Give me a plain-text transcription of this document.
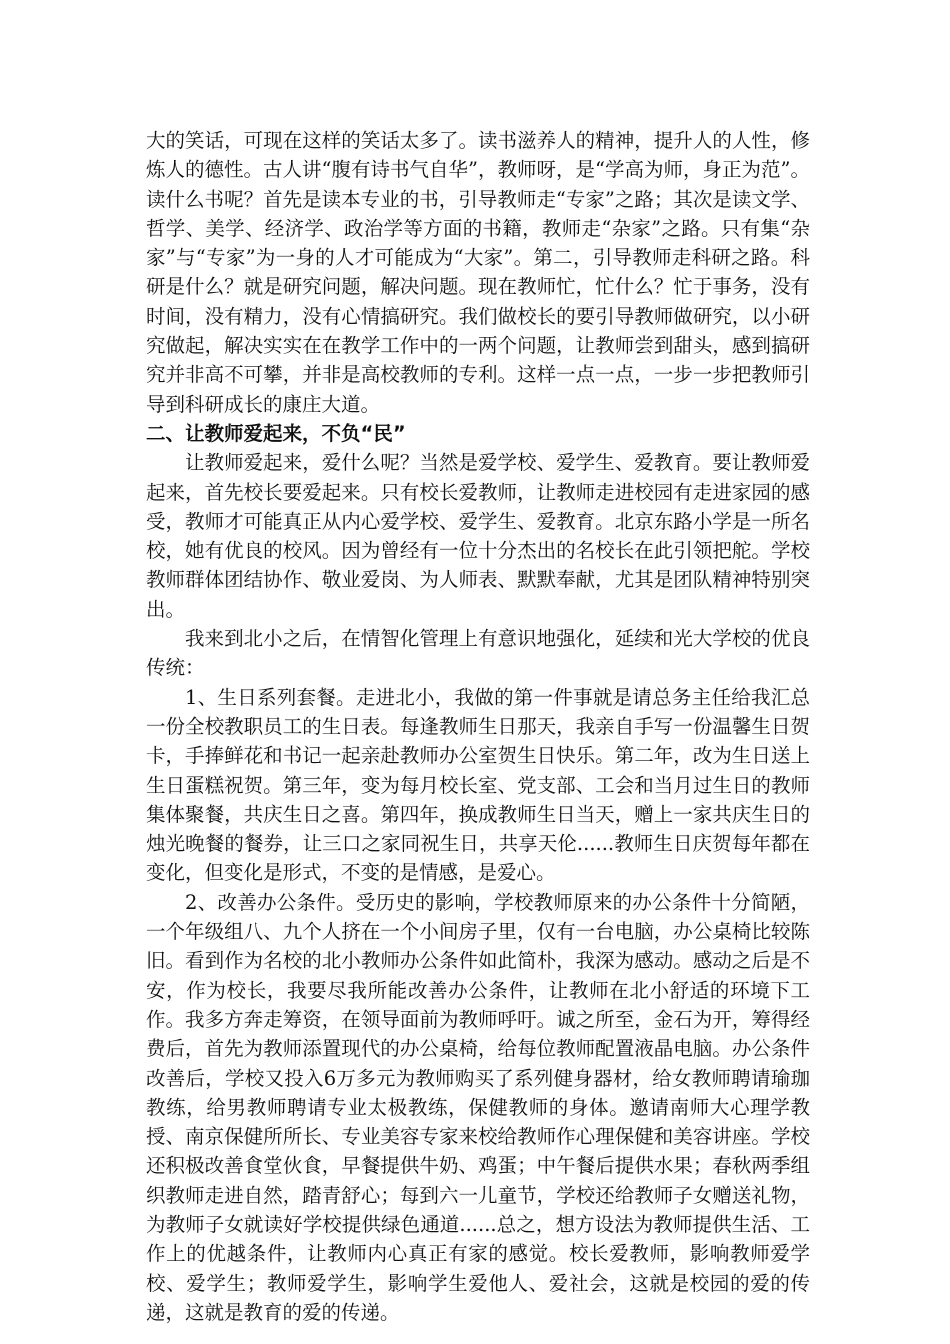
大的笑话，可现在这样的笑话太多了。读书滋养人的精神，提升人的人性，修炼人的德性。古人讲“腹有诗书气自华”，教师呀，是“学高为师，身正为范”。读什么书呢？首先是读本专业的书，引导教师走“专家”之路；其次是读文学、哲学、美学、经济学、政治学等方面的书籍，教师走“杂家”之路。只有集“杂家”与“专家”为一身的人才可能成为“大家”。第二，引导教师走科研之路。科研是什么？就是研究问题，解决问题。现在教师忙，忙什么？忙于事务，没有时间，没有精力，没有心情搞研究。我们做校长的要引导教师做研究，以小研究做起，解决实实在在教学工作中的一两个问题，让教师尝到甜头，感到搞研究并非高不可攀，并非是高校教师的专利。这样一点一点，一步一步把教师引导到科研成长的康庄大道。

二、让教师爱起来，不负“民”

让教师爱起来，爱什么呢？当然是爱学校、爱学生、爱教育。要让教师爱起来，首先校长要爱起来。只有校长爱教师，让教师走进校园有走进家园的感受，教师才可能真正从内心爱学校、爱学生、爱教育。北京东路小学是一所名校，她有优良的校风。因为曾经有一位十分杰出的名校长在此引领把舵。学校教师群体团结协作、敬业爱岗、为人师表、默默奉献，尤其是团队精神特别突出。

我来到北小之后，在情智化管理上有意识地强化，延续和光大学校的优良传统：

1、生日系列套餐。走进北小，我做的第一件事就是请总务主任给我汇总一份全校教职员工的生日表。每逢教师生日那天，我亲自手写一份温馨生日贺卡，手捧鲜花和书记一起亲赴教师办公室贺生日快乐。第二年，改为生日送上生日蛋糕祝贺。第三年，变为每月校长室、党支部、工会和当月过生日的教师集体聚餐，共庆生日之喜。第四年，换成教师生日当天，赠上一家共庆生日的烛光晚餐的餐券，让三口之家同祝生日，共享天伦......教师生日庆贺每年都在变化，但变化是形式，不变的是情感，是爱心。

2、改善办公条件。受历史的影响，学校教师原来的办公条件十分简陋，一个年级组八、九个人挤在一个小间房子里，仅有一台电脑，办公桌椅比较陈旧。看到作为名校的北小教师办公条件如此简朴，我深为感动。感动之后是不安，作为校长，我要尽我所能改善办公条件，让教师在北小舒适的环境下工作。我多方奔走筹资，在领导面前为教师呼吁。诚之所至，金石为开，筹得经费后，首先为教师添置现代的办公桌椅，给每位教师配置液晶电脑。办公条件改善后，学校又投入6万多元为教师购买了系列健身器材，给女教师聘请瑜珈教练，给男教师聘请专业太极教练，保健教师的身体。邀请南师大心理学教授、南京保健所所长、专业美容专家来校给教师作心理保健和美容讲座。学校还积极改善食堂伙食，早餐提供牛奶、鸡蛋；中午餐后提供水果；春秋两季组织教师走进自然，踏青舒心；每到六一儿童节，学校还给教师子女赠送礼物，为教师子女就读好学校提供绿色通道......总之，想方设法为教师提供生活、工作上的优越条件，让教师内心真正有家的感觉。校长爱教师，影响教师爱学校、爱学生；教师爱学生，影响学生爱他人、爱社会，这就是校园的爱的传递，这就是教育的爱的传递。
